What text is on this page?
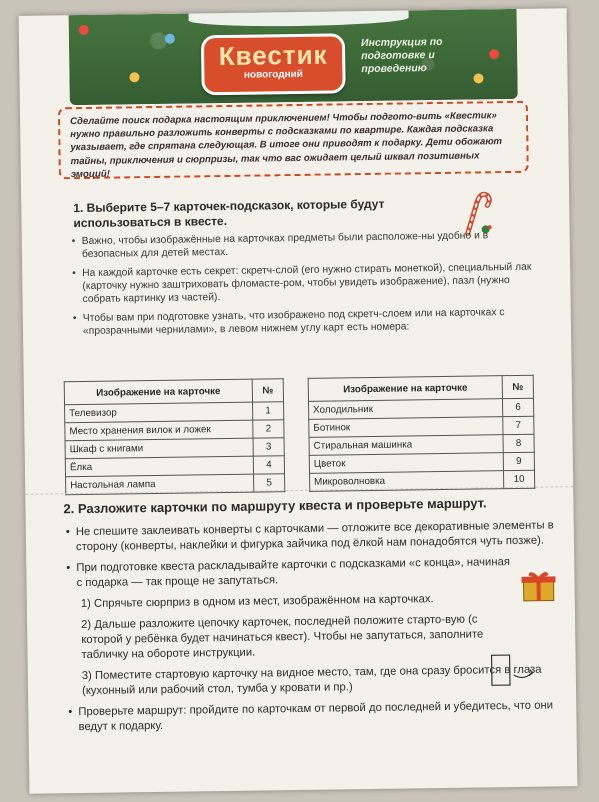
Квестик
новогодний
Инструкция по подготовке и проведению
Сделайте поиск подарка настоящим приключением! Чтобы подгото-вить «Квестик» нужно правильно разложить конверты с подсказками по квартире. Каждая подсказка указывает, где спрятана следующая. В итоге они приводят к подарку. Дети обожают тайны, приключения и сюрпризы, так что вас ожидает целый шквал позитивных эмоций!
1. Выберите 5–7 карточек-подсказок, которые будут использоваться в квесте.
• Важно, чтобы изображённые на карточках предметы были расположе-ны удобно и в безопасных для детей местах.
• На каждой карточке есть секрет: скретч-слой (его нужно стирать монеткой), специальный лак (карточку нужно заштриховать фломасте-ром, чтобы увидеть изображение), пазл (нужно собрать картинку из частей).
• Чтобы вам при подготовке узнать, что изображено под скретч-слоем или на карточках с «прозрачными чернилами», в левом нижнем углу карт есть номера:
Изображение на карточке	№
Телевизор	1
Место хранения вилок и ложек	2
Шкаф с книгами	3
Ёлка	4
Настольная лампа	5
Изображение на карточке	№
Холодильник	6
Ботинок	7
Стиральная машинка	8
Цветок	9
Микроволновка	10
2. Разложите карточки по маршруту квеста и проверьте маршрут.
• Не спешите заклеивать конверты с карточками — отложите все декоративные элементы в сторону (конверты, наклейки и фигурка зайчика под ёлкой нам понадобятся чуть позже).
• При подготовке квеста раскладывайте карточки с подсказками «с конца», начиная с подарка — так проще не запутаться.
1) Спрячьте сюрприз в одном из мест, изображённом на карточках.
2) Дальше разложите цепочку карточек, последней положите старто-вую (с которой у ребёнка будет начинаться квест). Чтобы не запутаться, заполните табличку на обороте инструкции.
3) Поместите стартовую карточку на видное место, там, где она сразу бросится в глаза (кухонный или рабочий стол, тумба у кровати и пр.)
• Проверьте маршрут: пройдите по карточкам от первой до последней и убедитесь, что они ведут к подарку.
